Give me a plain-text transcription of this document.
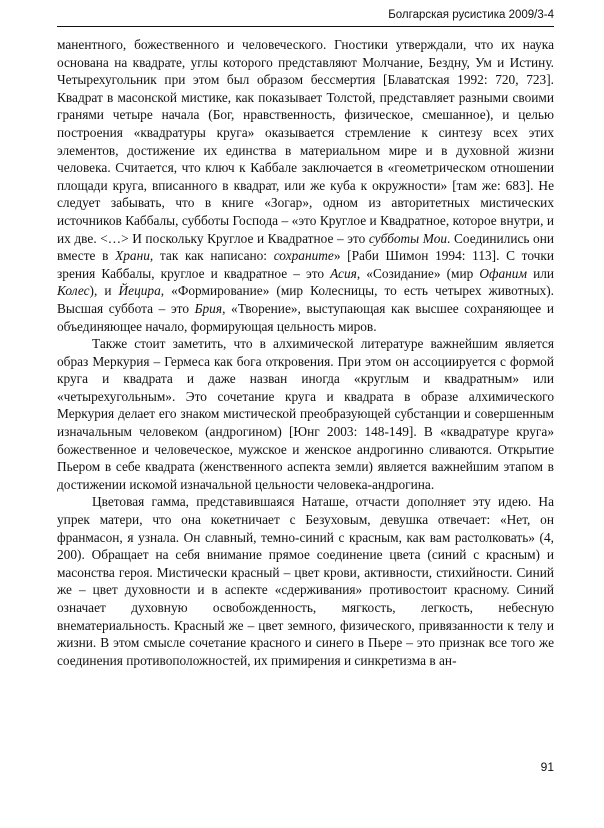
Болгарская русистика 2009/3-4

манентного, божественного и человеческого. Гностики утверждали, что их наука основана на квадрате, углы которого представляют Молчание, Бездну, Ум и Истину. Четырехугольник при этом был образом бессмертия [Блаватская 1992: 720, 723]. Квадрат в масонской мистике, как показывает Толстой, представляет разными своими гранями четыре начала (Бог, нравственность, физическое, смешанное), и целью построения «квадратуры круга» оказывается стремление к синтезу всех этих элементов, достижение их единства в материальном мире и в духовной жизни человека. Считается, что ключ к Каббале заключается в «геометрическом отношении площади круга, вписанного в квадрат, или же куба к окружности» [там же: 683]. Не следует забывать, что в книге «Зогар», одном из авторитетных мистических источников Каббалы, субботы Господа – «это Круглое и Квадратное, которое внутри, и их две. <…> И поскольку Круглое и Квадратное – это субботы Мои. Соединились они вместе в Храни, так как написано: сохраните» [Раби Шимон 1994: 113]. С точки зрения Каббалы, круглое и квадратное – это Асия, «Созидание» (мир Офаним или Колес), и Йецира, «Формирование» (мир Колесницы, то есть четырех животных). Высшая суббота – это Брия, «Творение», выступающая как высшее сохраняющее и объединяющее начало, формирующая цельность миров.

Также стоит заметить, что в алхимической литературе важнейшим является образ Меркурия – Гермеса как бога откровения. При этом он ассоциируется с формой круга и квадрата и даже назван иногда «круглым и квадратным» или «четырехугольным». Это сочетание круга и квадрата в образе алхимического Меркурия делает его знаком мистической преобразующей субстанции и совершенным изначальным человеком (андрогином) [Юнг 2003: 148-149]. В «квадратуре круга» божественное и человеческое, мужское и женское андрогинно сливаются. Открытие Пьером в себе квадрата (женственного аспекта земли) является важнейшим этапом в достижении искомой изначальной цельности человека-андрогина.

Цветовая гамма, представившаяся Наташе, отчасти дополняет эту идею. На упрек матери, что она кокетничает с Безуховым, девушка отвечает: «Нет, он франмасон, я узнала. Он славный, темно-синий с красным, как вам растолковать» (4, 200). Обращает на себя внимание прямое соединение цвета (синий с красным) и масонства героя. Мистически красный – цвет крови, активности, стихийности. Синий же – цвет духовности и в аспекте «сдерживания» противостоит красному. Синий означает духовную освобожденность, мягкость, легкость, небесную внематериальность. Красный же – цвет земного, физического, привязанности к телу и жизни. В этом смысле сочетание красного и синего в Пьере – это признак все того же соединения противоположностей, их примирения и синкретизма в ан-

91
